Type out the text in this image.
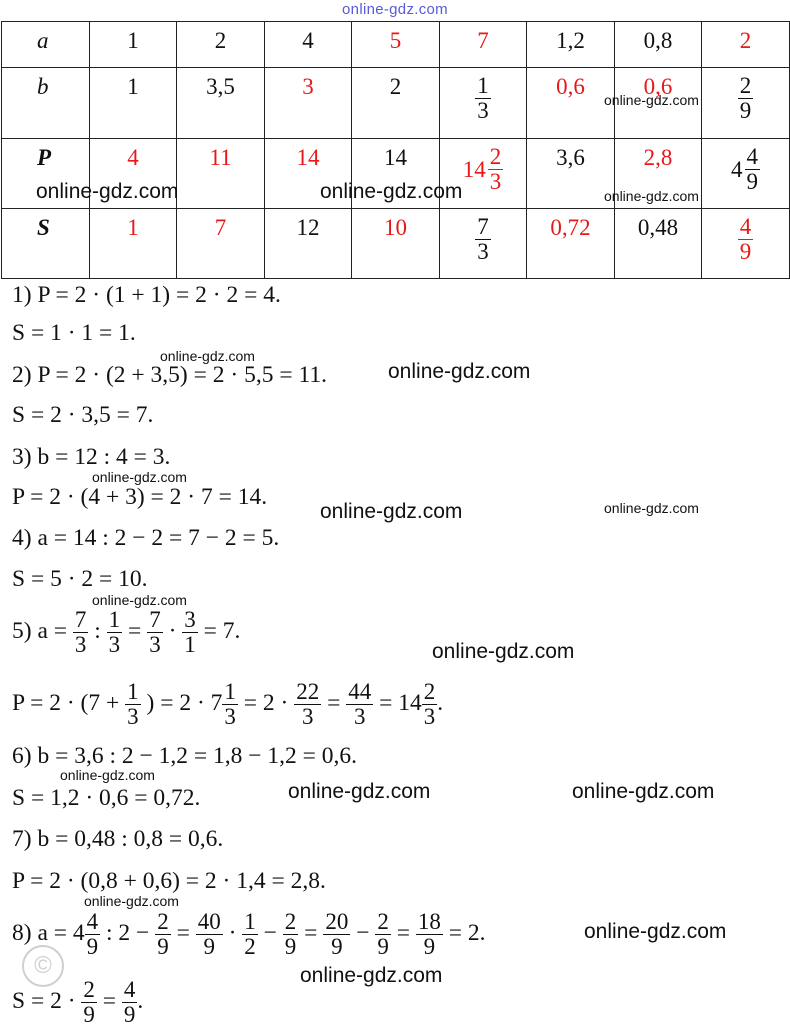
online-gdz.com
a	1	2	4	5	7	1,2	0,8	2
b	1	3,5	3	2	$\frac{1}{3}$	0,6	0,6	$\frac{2}{9}$

P	4	11	14	14	$14 \frac{2}{3}$	3,6	2,8	$4 \frac{4}{9}$

S	1	7	12	10	$\frac{7}{3}$	0,72	0,48	$\frac{4}{9}$
1) P = 2 · (1 + 1) = 2 · 2 = 4.
S = 1 · 1 = 1.
2) P = 2 · (2 + 3,5) = 2 · 5,5 = 11.
S = 2 · 3,5 = 7.
3) b = 12 : 4 = 3.
P = 2 · (4 + 3) = 2 · 7 = 14.
4) a = 14 : 2 − 2 = 7 − 2 = 5.
S = 5 · 2 = 10.
5) $a = \frac{7}{3}$ : $\frac{1}{3} = \frac{7}{3} \cdot \frac{3}{1} = 7$.
$P = 2 \cdot (7 + \frac{1}{3}$ ) = $2 \cdot 7 \frac{1}{3} = 2 \cdot \frac{22}{3} = \frac{44}{3} = 14 \frac{2}{3}$ .
6) b = 3,6 : 2 − 1,2 = 1,8 − 1,2 = 0,6.
S = 1,2 · 0,6 = 0,72.
7) b = 0,48 : 0,8 = 0,6.
P = 2 · (0,8 + 0,6) = 2 · 1,4 = 2,8.
8) $a = 4 \frac{4}{9}$ : $2 - \frac{2}{9} = \frac{40}{9} \cdot \frac{1}{2} - \frac{2}{9} = \frac{20}{9} - \frac{2}{9} = \frac{18}{9} = 2$.
$S = 2 \cdot \frac{2}{9} = \frac{4}{9}$ .
online-gdz.com	online-gdz.com
online-gdz.com
online-gdz.com
online-gdz.com
online-gdz.com
online-gdz.com
online-gdz.com	online-gdz.com
online-gdz.com
online-gdz.com
online-gdz.com
online-gdz.com	online-gdz.com
online-gdz.com
online-gdz.com
online-gdz.com
©
